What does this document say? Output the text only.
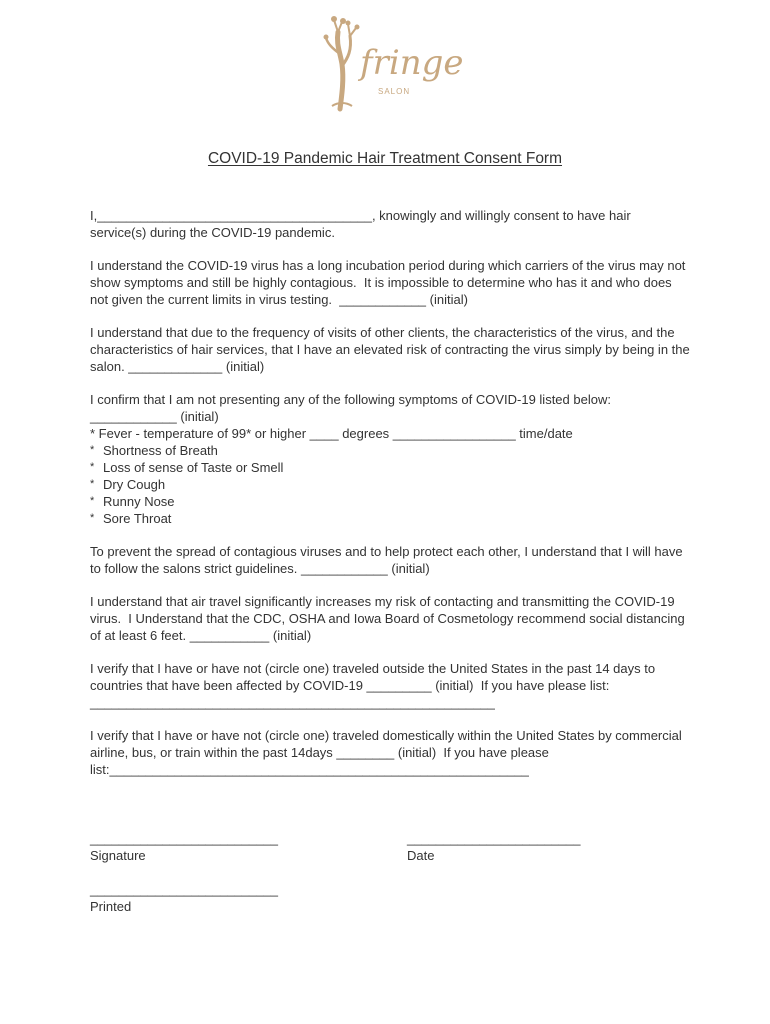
fringe
SALON
COVID-19 Pandemic Hair Treatment Consent Form

I,______________________________________, knowingly and willingly consent to have hair service(s) during the COVID-19 pandemic.

I understand the COVID-19 virus has a long incubation period during which carriers of the virus may not show symptoms and still be highly contagious.  It is impossible to determine who has it and who does not given the current limits in virus testing.  ____________ (initial)

I understand that due to the frequency of visits of other clients, the characteristics of the virus, and the characteristics of hair services, that I have an elevated risk of contracting the virus simply by being in the salon. _____________ (initial)

I confirm that I am not presenting any of the following symptoms of COVID-19 listed below: ____________ (initial)
* Fever - temperature of 99* or higher ____ degrees _________________ time/date
* Shortness of Breath
* Loss of sense of Taste or Smell
* Dry Cough
* Runny Nose
* Sore Throat

To prevent the spread of contagious viruses and to help protect each other, I understand that I will have to follow the salons strict guidelines. ____________ (initial)

I understand that air travel significantly increases my risk of contacting and transmitting the COVID-19 virus.  I Understand that the CDC, OSHA and Iowa Board of Cosmetology recommend social distancing of at least 6 feet. ___________ (initial)

I verify that I have or have not (circle one) traveled outside the United States in the past 14 days to countries that have been affected by COVID-19 _________ (initial)  If you have please list: ________________________________________________________

I verify that I have or have not (circle one) traveled domestically within the United States by commercial airline, bus, or train within the past 14days ________ (initial)  If you have please list:__________________________________________________________

__________________________
Signature
________________________
Date
__________________________
Printed
